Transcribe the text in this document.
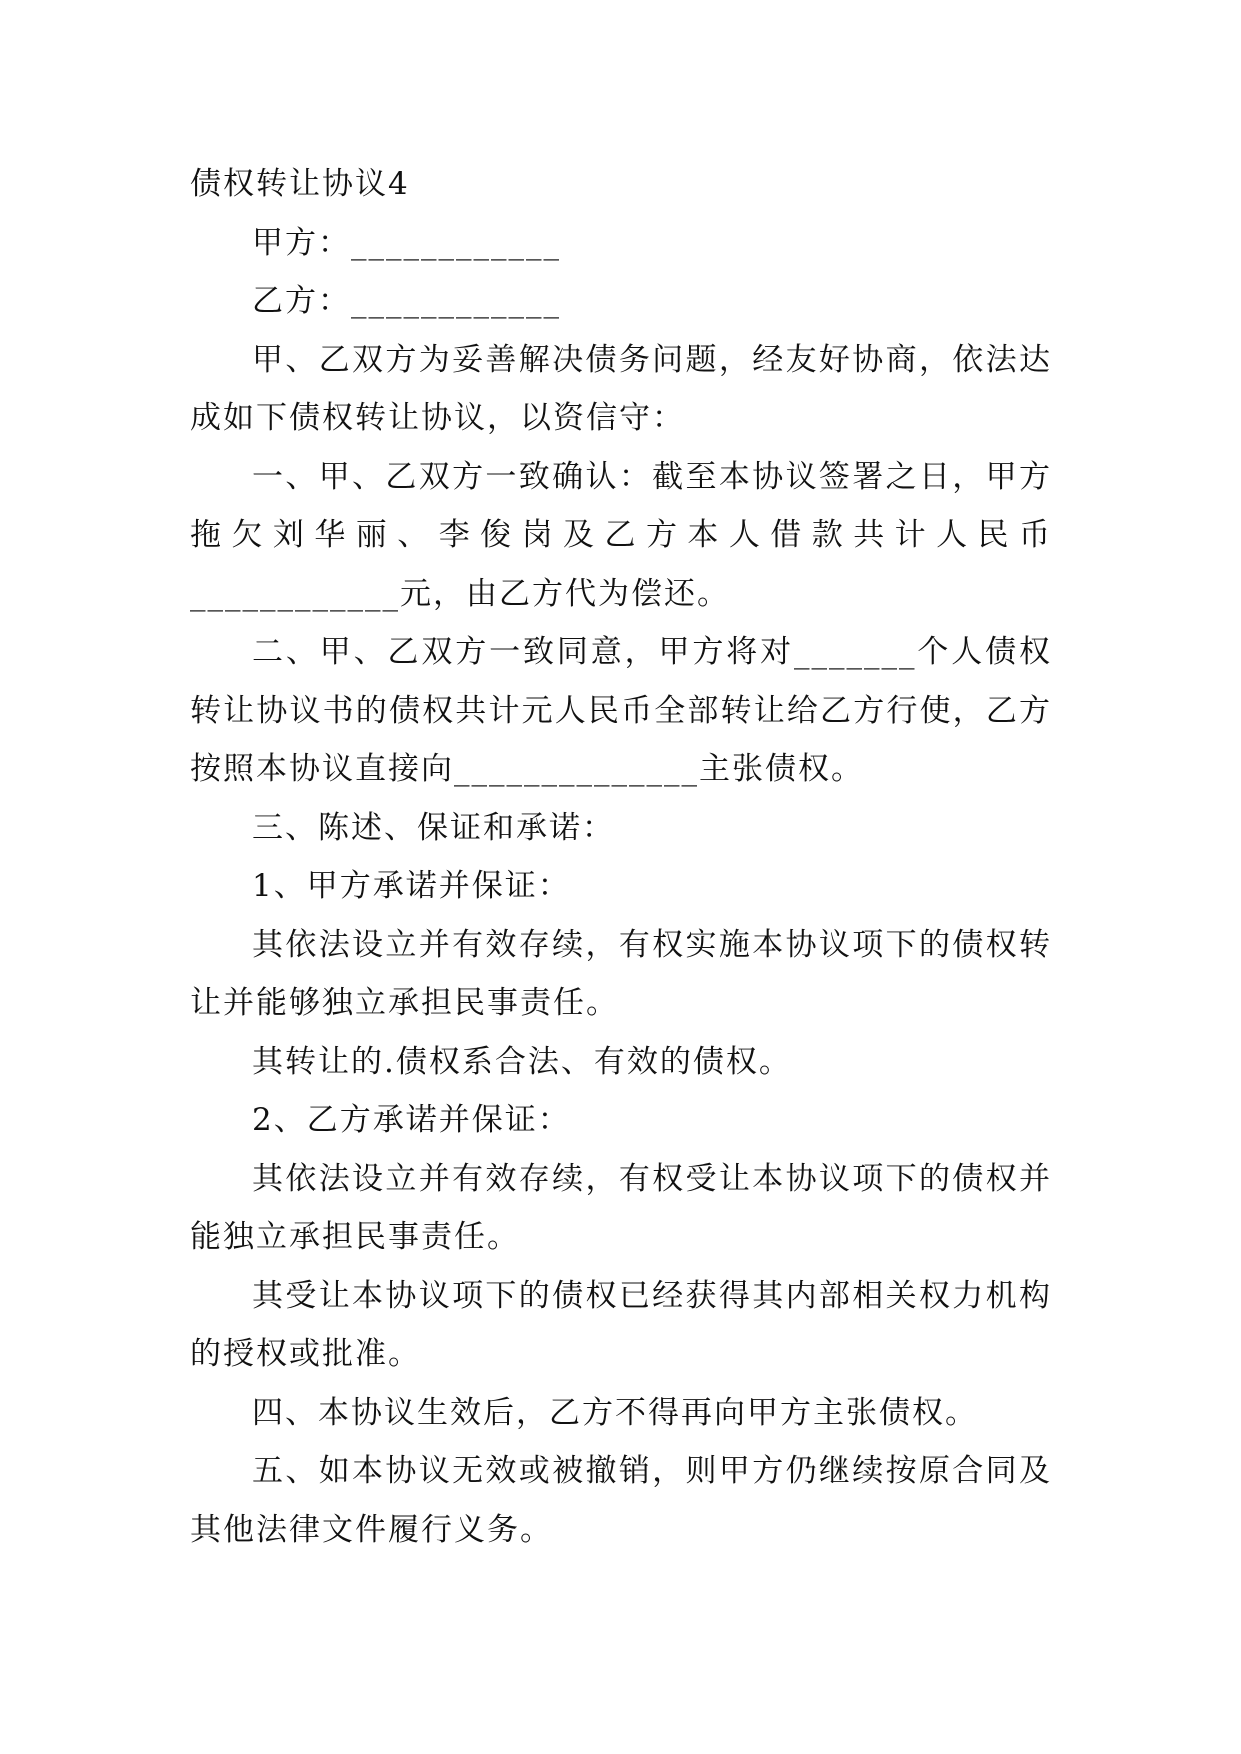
债权转让协议4

甲方：____________

乙方：____________

甲、乙双方为妥善解决债务问题，经友好协商，依法达成如下债权转让协议，以资信守：

一、甲、乙双方一致确认：截至本协议签署之日，甲方拖欠刘华丽、李俊岗及乙方本人借款共计人民币

____________元，由乙方代为偿还。

二、甲、乙双方一致同意，甲方将对_______个人债权转让协议书的债权共计元人民币全部转让给乙方行使，乙方按照本协议直接向______________主张债权。

三、陈述、保证和承诺：

1、甲方承诺并保证：

其依法设立并有效存续，有权实施本协议项下的债权转让并能够独立承担民事责任。

其转让的.债权系合法、有效的债权。

2、乙方承诺并保证：

其依法设立并有效存续，有权受让本协议项下的债权并能独立承担民事责任。

其受让本协议项下的债权已经获得其内部相关权力机构的授权或批准。

四、本协议生效后，乙方不得再向甲方主张债权。

五、如本协议无效或被撤销，则甲方仍继续按原合同及其他法律文件履行义务。
